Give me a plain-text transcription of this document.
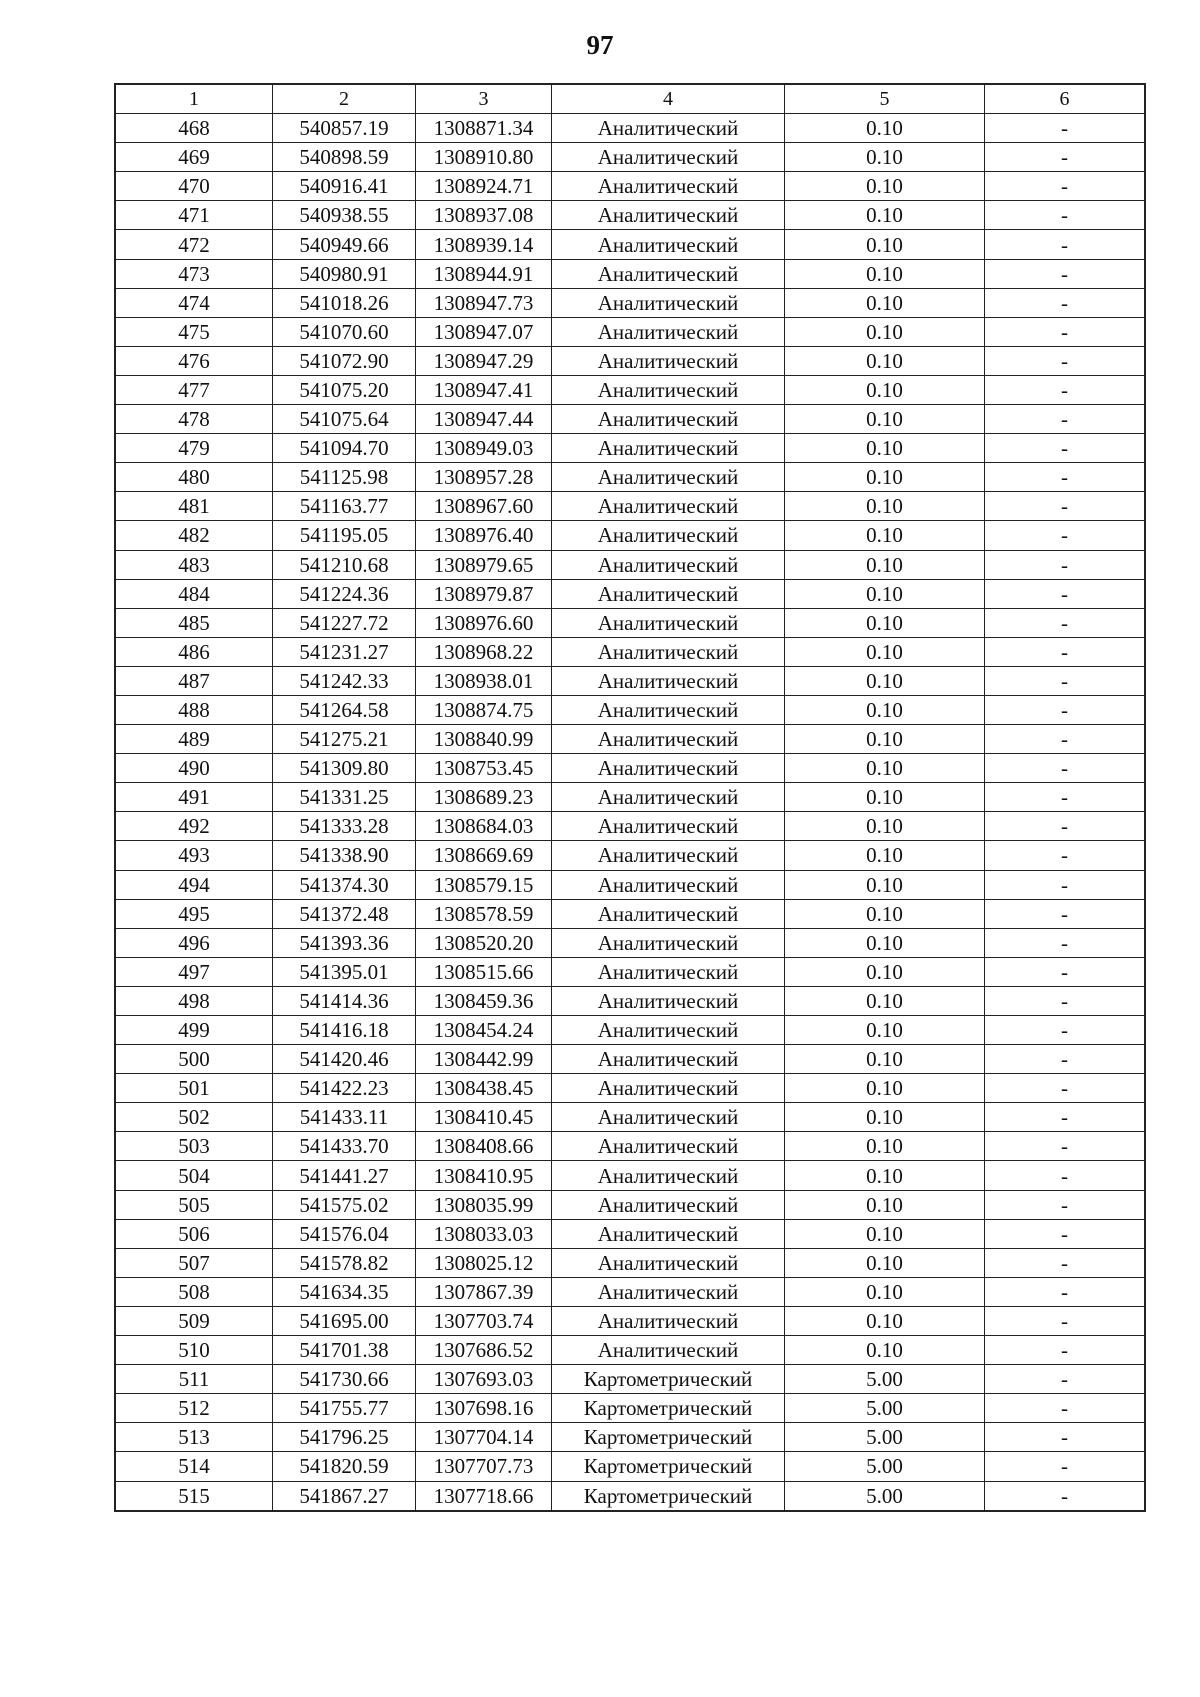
97
1	2	3	4	5	6
468	540857.19	1308871.34	Аналитический	0.10	-
469	540898.59	1308910.80	Аналитический	0.10	-
470	540916.41	1308924.71	Аналитический	0.10	-
471	540938.55	1308937.08	Аналитический	0.10	-
472	540949.66	1308939.14	Аналитический	0.10	-
473	540980.91	1308944.91	Аналитический	0.10	-
474	541018.26	1308947.73	Аналитический	0.10	-
475	541070.60	1308947.07	Аналитический	0.10	-
476	541072.90	1308947.29	Аналитический	0.10	-
477	541075.20	1308947.41	Аналитический	0.10	-
478	541075.64	1308947.44	Аналитический	0.10	-
479	541094.70	1308949.03	Аналитический	0.10	-
480	541125.98	1308957.28	Аналитический	0.10	-
481	541163.77	1308967.60	Аналитический	0.10	-
482	541195.05	1308976.40	Аналитический	0.10	-
483	541210.68	1308979.65	Аналитический	0.10	-
484	541224.36	1308979.87	Аналитический	0.10	-
485	541227.72	1308976.60	Аналитический	0.10	-
486	541231.27	1308968.22	Аналитический	0.10	-
487	541242.33	1308938.01	Аналитический	0.10	-
488	541264.58	1308874.75	Аналитический	0.10	-
489	541275.21	1308840.99	Аналитический	0.10	-
490	541309.80	1308753.45	Аналитический	0.10	-
491	541331.25	1308689.23	Аналитический	0.10	-
492	541333.28	1308684.03	Аналитический	0.10	-
493	541338.90	1308669.69	Аналитический	0.10	-
494	541374.30	1308579.15	Аналитический	0.10	-
495	541372.48	1308578.59	Аналитический	0.10	-
496	541393.36	1308520.20	Аналитический	0.10	-
497	541395.01	1308515.66	Аналитический	0.10	-
498	541414.36	1308459.36	Аналитический	0.10	-
499	541416.18	1308454.24	Аналитический	0.10	-
500	541420.46	1308442.99	Аналитический	0.10	-
501	541422.23	1308438.45	Аналитический	0.10	-
502	541433.11	1308410.45	Аналитический	0.10	-
503	541433.70	1308408.66	Аналитический	0.10	-
504	541441.27	1308410.95	Аналитический	0.10	-
505	541575.02	1308035.99	Аналитический	0.10	-
506	541576.04	1308033.03	Аналитический	0.10	-
507	541578.82	1308025.12	Аналитический	0.10	-
508	541634.35	1307867.39	Аналитический	0.10	-
509	541695.00	1307703.74	Аналитический	0.10	-
510	541701.38	1307686.52	Аналитический	0.10	-
511	541730.66	1307693.03	Картометрический	5.00	-
512	541755.77	1307698.16	Картометрический	5.00	-
513	541796.25	1307704.14	Картометрический	5.00	-
514	541820.59	1307707.73	Картометрический	5.00	-
515	541867.27	1307718.66	Картометрический	5.00	-
